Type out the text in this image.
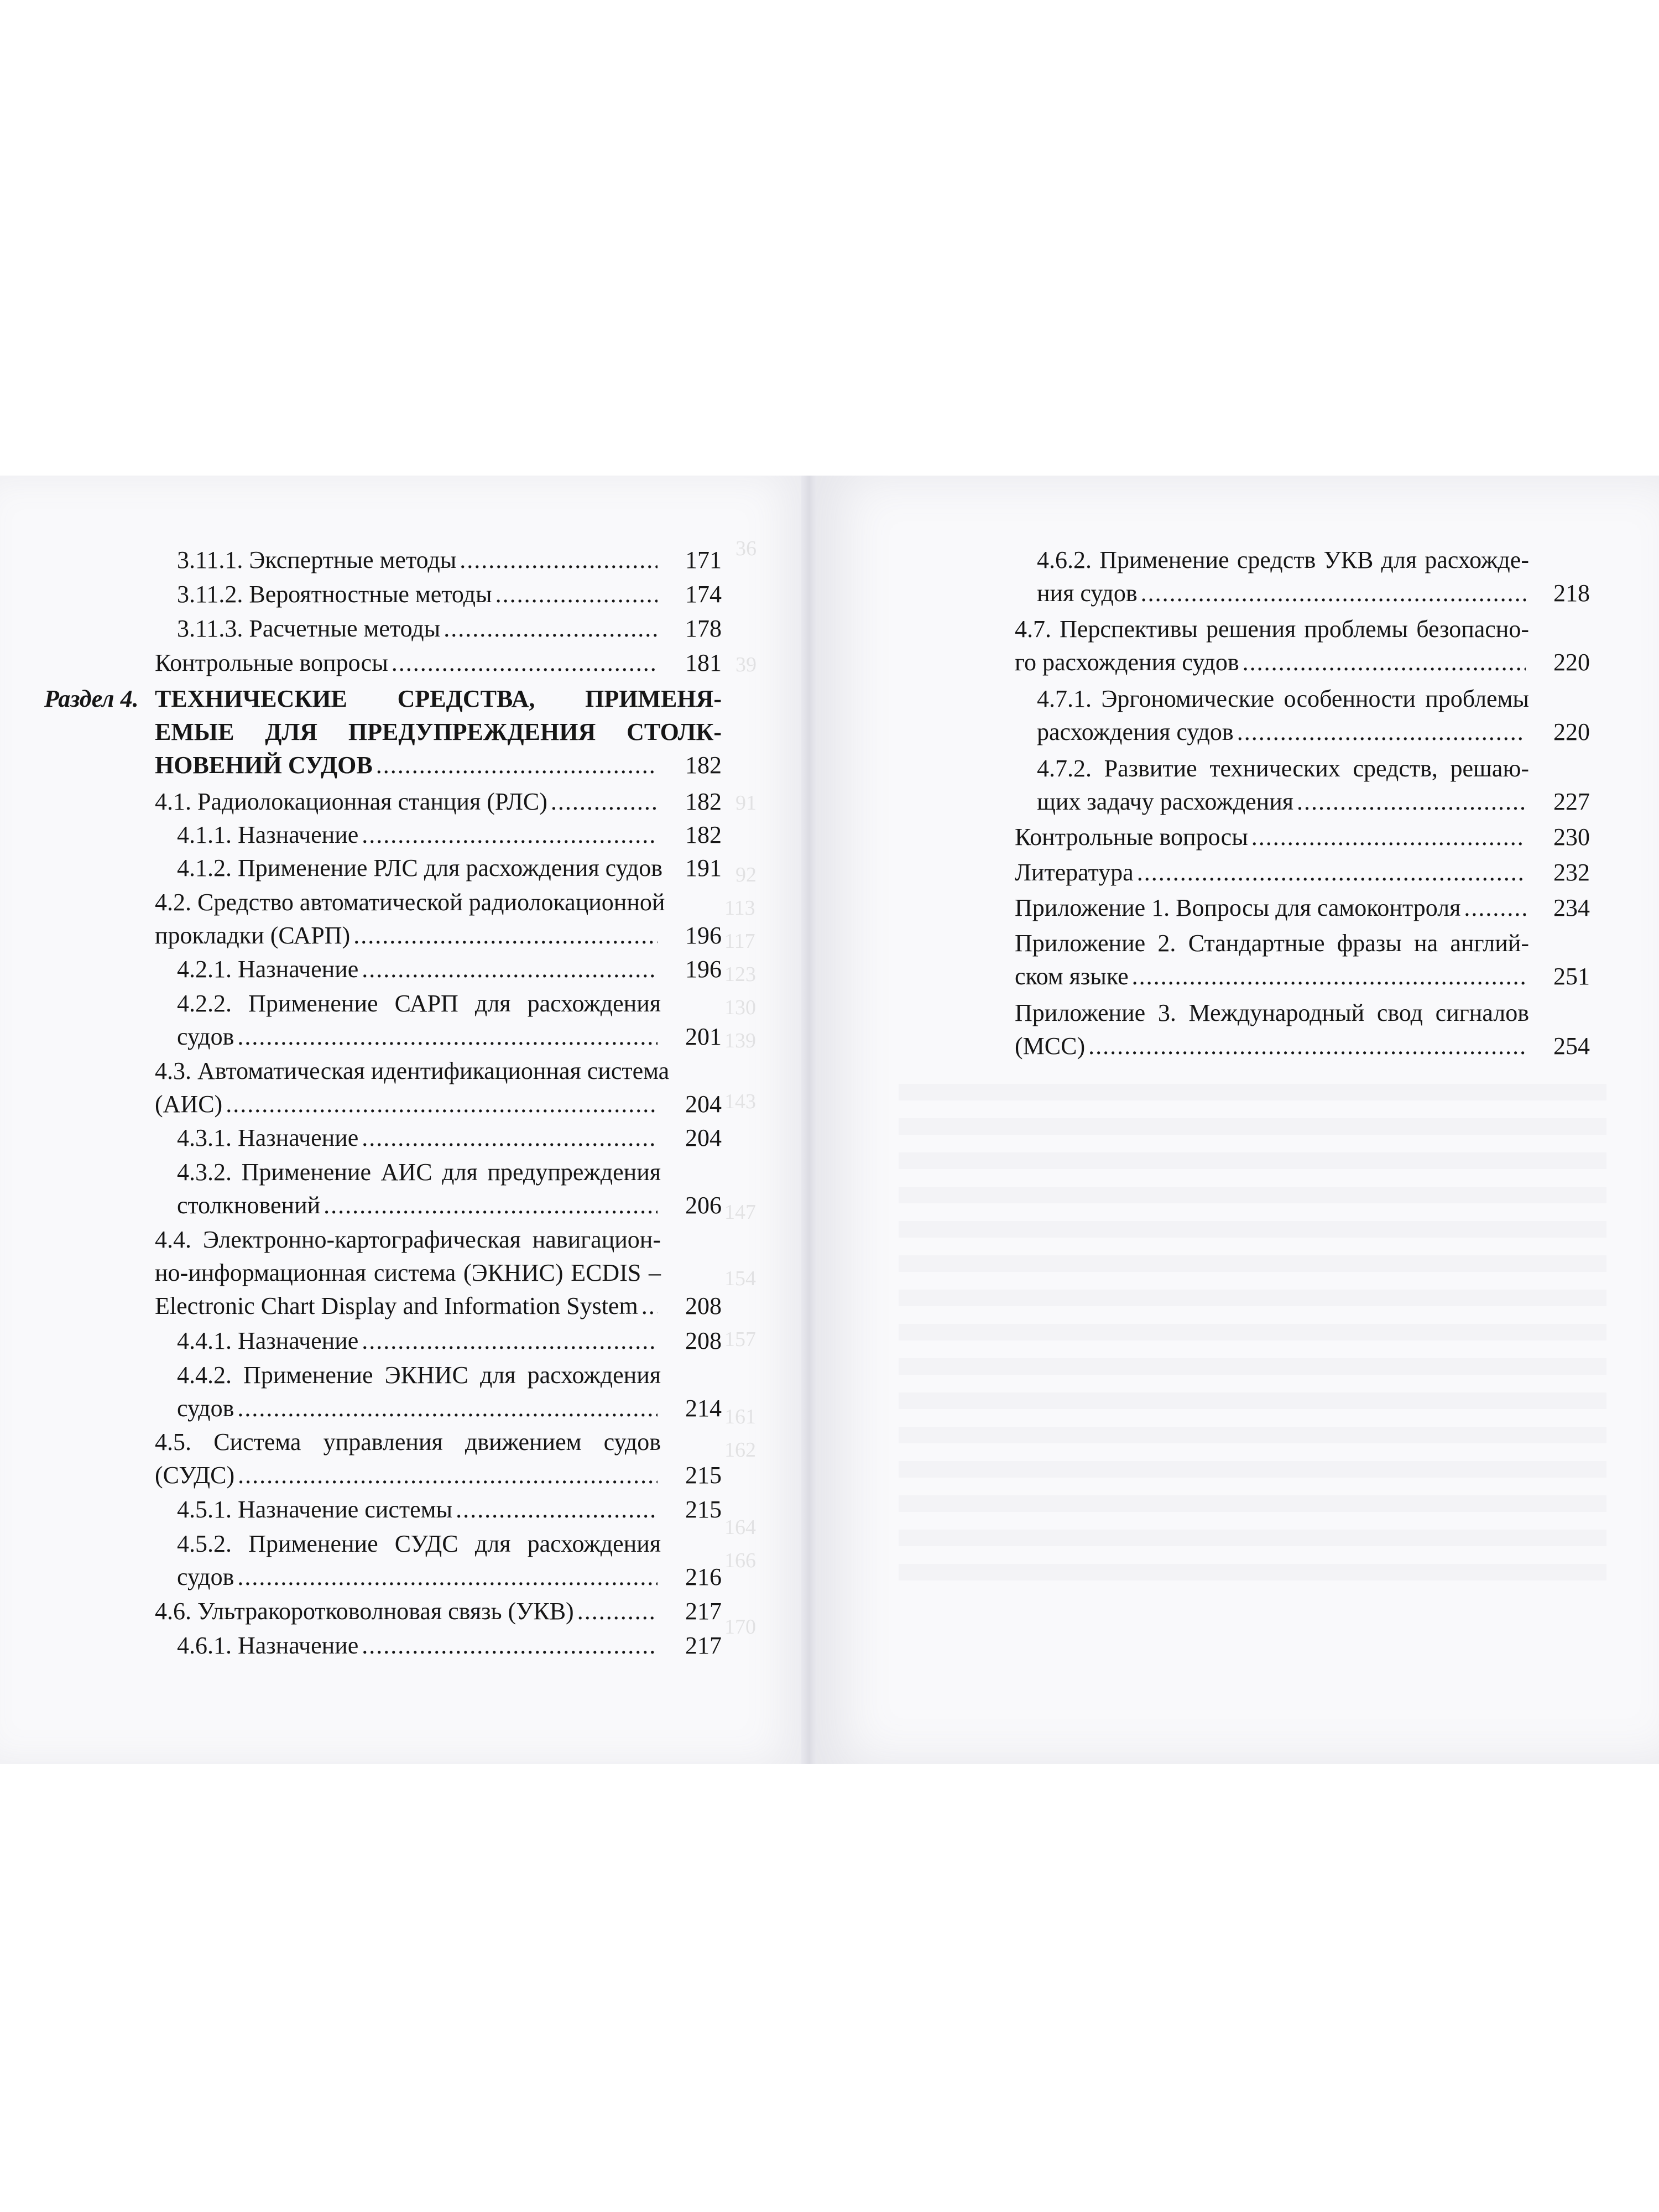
36
39
91
92
113
117
123
130
139
143
147
154
157
161
162
164
166
170
3.11.1. Экспертные методы .....	171
3.11.2. Вероятностные методы .....	174
3.11.3. Расчетные методы .....	178
Контрольные вопросы .....	181
Раздел 4. ТЕХНИЧЕСКИЕ СРЕДСТВА, ПРИМЕНЯ-
ЕМЫЕ ДЛЯ ПРЕДУПРЕЖДЕНИЯ СТОЛК-
НОВЕНИЙ СУДОВ .....	182
4.1. Радиолокационная станция (РЛС) .....	182
4.1.1. Назначение .....	182
4.1.2. Применение РЛС для расхождения судов 191
4.2. Средство автоматической радиолокационной
прокладки (САРП) .....	196
4.2.1. Назначение .....	196
4.2.2. Применение САРП для расхождения
судов .....	201
4.3. Автоматическая идентификационная система
(АИС) .....	204
4.3.1. Назначение .....	204
4.3.2. Применение АИС для предупреждения
столкновений .....	206
4.4. Электронно-картографическая навигацион-
но-информационная система (ЭКНИС) ECDIS –
Electronic Chart Display and Information System .....	208
4.4.1. Назначение .....	208
4.4.2. Применение ЭКНИС для расхождения
судов .....	214
4.5. Система управления движением судов
(СУДС) .....	215
4.5.1. Назначение системы .....	215
4.5.2. Применение СУДС для расхождения
судов .....	216
4.6. Ультракоротковолновая связь (УКВ) .....	217
4.6.1. Назначение .....	217
4.6.2. Применение средств УКВ для расхожде-
ния судов .....	218
4.7. Перспективы решения проблемы безопасно-
го расхождения судов .....	220
4.7.1. Эргономические особенности проблемы
расхождения судов .....	220
4.7.2. Развитие технических средств, решаю-
щих задачу расхождения .....	227
Контрольные вопросы .....	230
Литература .....	232
Приложение 1. Вопросы для самоконтроля .....	234
Приложение 2. Стандартные фразы на англий-
ском языке .....	251
Приложение 3. Международный свод сигналов
(МСС) .....	254
